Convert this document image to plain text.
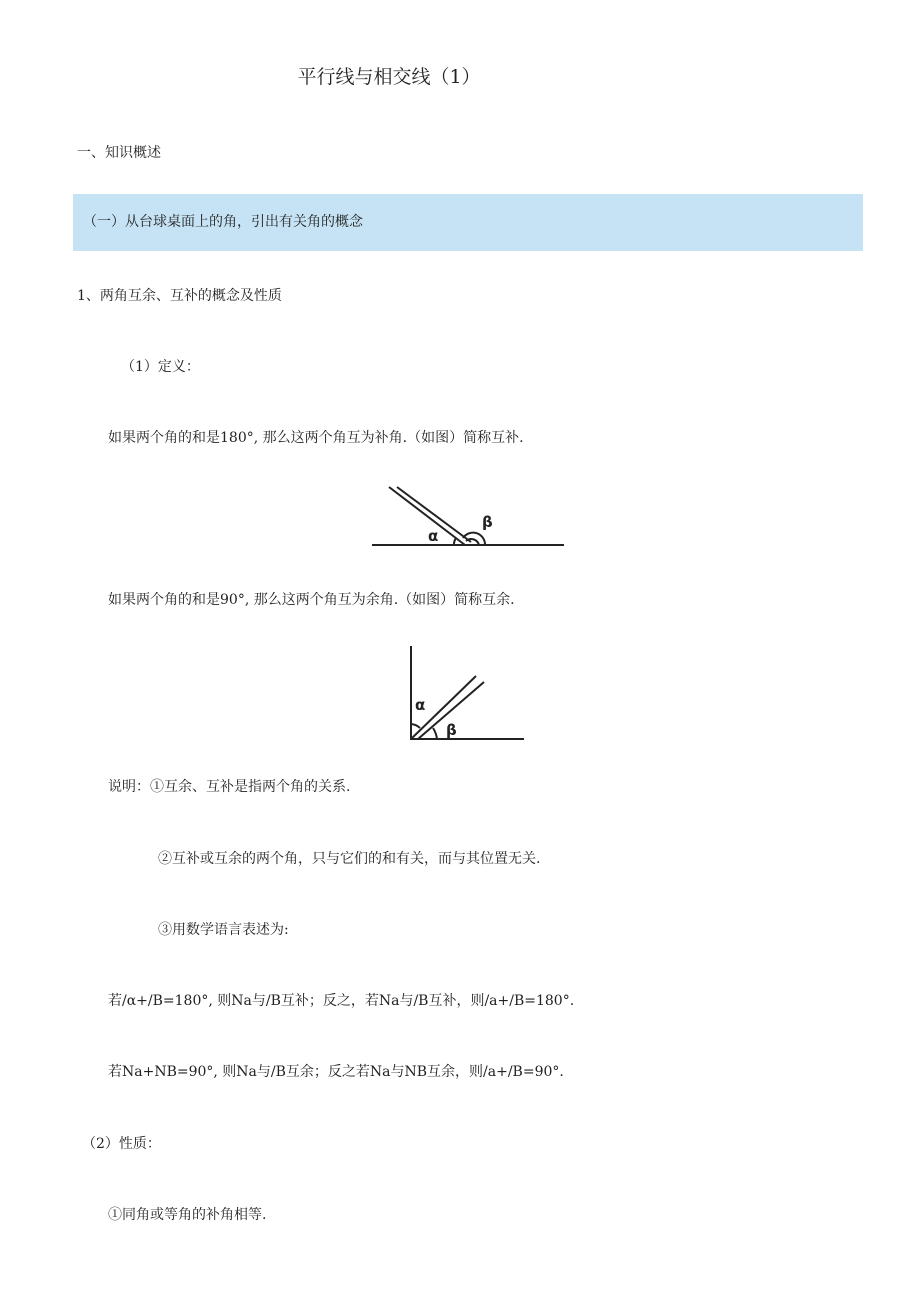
平行线与相交线（1）
一、知识概述
（一）从台球桌面上的角，引出有关角的概念
1、两角互余、互补的概念及性质
（1）定义：
如果两个角的和是180°, 那么这两个角互为补角.（如图）简称互补.
α
β
如果两个角的和是90°, 那么这两个角互为余角.（如图）简称互余.
α
β
说明：①互余、互补是指两个角的关系.
②互补或互余的两个角，只与它们的和有关，而与其位置无关.
③用数学语言表述为:
若/α+/B=180°, 则Na与/B互补；反之，若Na与/B互补，则/a+/B=180°.
若Na+NB=90°, 则Na与/B互余；反之若Na与NB互余，则/a+/B=90°.
（2）性质：
①同角或等角的补角相等.
